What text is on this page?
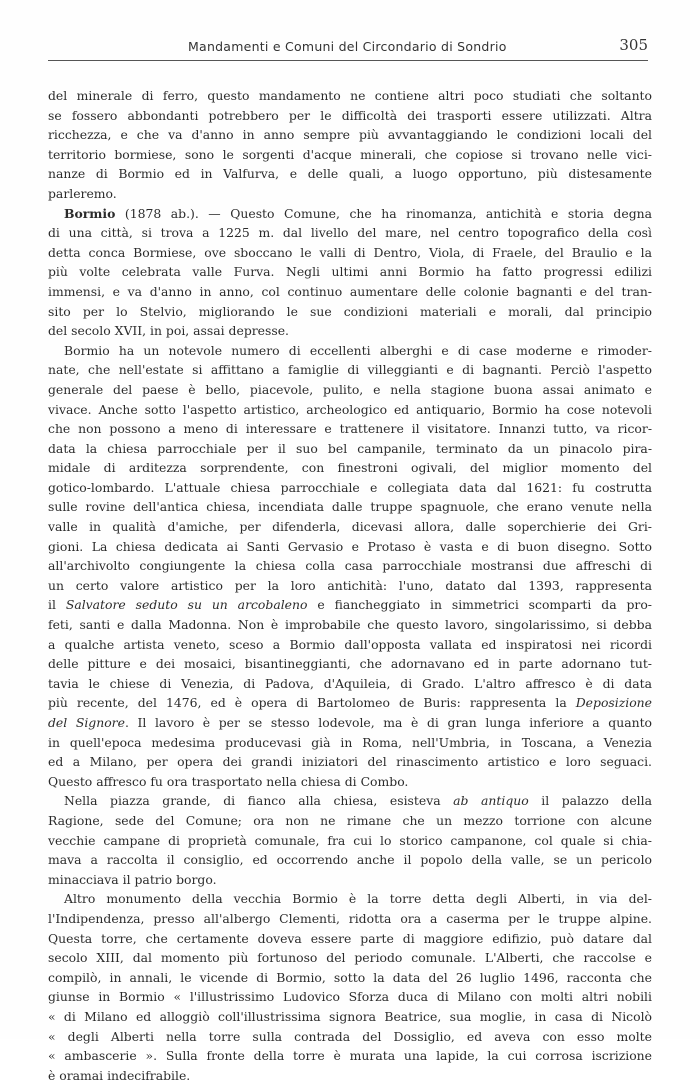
Mandamenti e Comuni del Circondario di Sondrio	305
del minerale di ferro, questo mandamento ne contiene altri poco studiati che soltanto
se fossero abbondanti potrebbero per le difficoltà dei trasporti essere utilizzati. Altra
ricchezza, e che va d'anno in anno sempre più avvantaggiando le condizioni locali del
territorio bormiese, sono le sorgenti d'acque minerali, che copiose si trovano nelle vici-
nanze di Bormio ed in Valfurva, e delle quali, a luogo opportuno, più distesamente
parleremo.
Bormio (1878 ab.). — Questo Comune, che ha rinomanza, antichità e storia degna
di una città, si trova a 1225 m. dal livello del mare, nel centro topografico della così
detta conca Bormiese, ove sboccano le valli di Dentro, Viola, di Fraele, del Braulio e la
più volte celebrata valle Furva. Negli ultimi anni Bormio ha fatto progressi edilizi
immensi, e va d'anno in anno, col continuo aumentare delle colonie bagnanti e del tran-
sito per lo Stelvio, migliorando le sue condizioni materiali e morali, dal principio
del secolo XVII, in poi, assai depresse.
Bormio ha un notevole numero di eccellenti alberghi e di case moderne e rimoder-
nate, che nell'estate si affittano a famiglie di villeggianti e di bagnanti. Perciò l'aspetto
generale del paese è bello, piacevole, pulito, e nella stagione buona assai animato e
vivace. Anche sotto l'aspetto artistico, archeologico ed antiquario, Bormio ha cose notevoli
che non possono a meno di interessare e trattenere il visitatore. Innanzi tutto, va ricor-
data la chiesa parrocchiale per il suo bel campanile, terminato da un pinacolo pira-
midale di arditezza sorprendente, con finestroni ogivali, del miglior momento del
gotico-lombardo. L'attuale chiesa parrocchiale e collegiata data dal 1621: fu costrutta
sulle rovine dell'antica chiesa, incendiata dalle truppe spagnuole, che erano venute nella
valle in qualità d'amiche, per difenderla, dicevasi allora, dalle soperchierie dei Gri-
gioni. La chiesa dedicata ai Santi Gervasio e Protaso è vasta e di buon disegno. Sotto
all'archivolto congiungente la chiesa colla casa parrocchiale mostransi due affreschi di
un certo valore artistico per la loro antichità: l'uno, datato dal 1393, rappresenta
il Salvatore seduto su un arcobaleno e fiancheggiato in simmetrici scomparti da pro-
feti, santi e dalla Madonna. Non è improbabile che questo lavoro, singolarissimo, si debba
a qualche artista veneto, sceso a Bormio dall'opposta vallata ed inspiratosi nei ricordi
delle pitture e dei mosaici, bisantineggianti, che adornavano ed in parte adornano tut-
tavia le chiese di Venezia, di Padova, d'Aquileia, di Grado. L'altro affresco è di data
più recente, del 1476, ed è opera di Bartolomeo de Buris: rappresenta la Deposizione
del Signore. Il lavoro è per se stesso lodevole, ma è di gran lunga inferiore a quanto
in quell'epoca medesima producevasi già in Roma, nell'Umbria, in Toscana, a Venezia
ed a Milano, per opera dei grandi iniziatori del rinascimento artistico e loro seguaci.
Questo affresco fu ora trasportato nella chiesa di Combo.
Nella piazza grande, di fianco alla chiesa, esisteva ab antiquo il palazzo della
Ragione, sede del Comune; ora non ne rimane che un mezzo torrione con alcune
vecchie campane di proprietà comunale, fra cui lo storico campanone, col quale si chia-
mava a raccolta il consiglio, ed occorrendo anche il popolo della valle, se un pericolo
minacciava il patrio borgo.
Altro monumento della vecchia Bormio è la torre detta degli Alberti, in via del-
l'Indipendenza, presso all'albergo Clementi, ridotta ora a caserma per le truppe alpine.
Questa torre, che certamente doveva essere parte di maggiore edifizio, può datare dal
secolo XIII, dal momento più fortunoso del periodo comunale. L'Alberti, che raccolse e
compilò, in annali, le vicende di Bormio, sotto la data del 26 luglio 1496, racconta che
giunse in Bormio « l'illustrissimo Ludovico Sforza duca di Milano con molti altri nobili
« di Milano ed alloggiò coll'illustrissima signora Beatrice, sua moglie, in casa di Nicolò
« degli Alberti nella torre sulla contrada del Dossiglio, ed aveva con esso molte
« ambascerie ». Sulla fronte della torre è murata una lapide, la cui corrosa iscrizione
è oramai indecifrabile.
